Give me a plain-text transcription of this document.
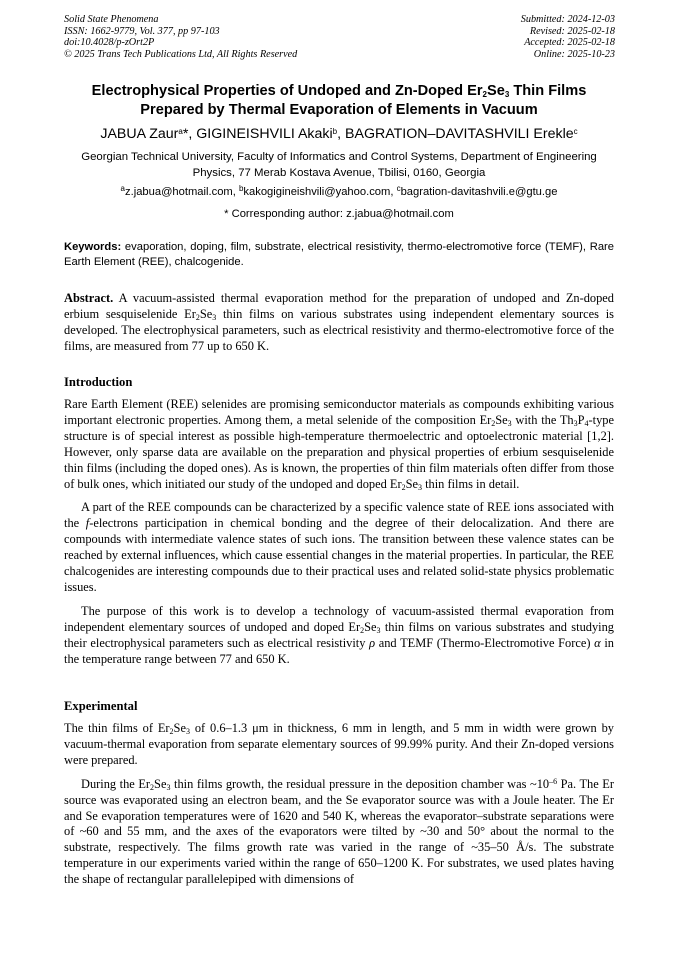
Solid State Phenomena
ISSN: 1662-9779, Vol. 377, pp 97-103
doi:10.4028/p-zOrt2P
© 2025 Trans Tech Publications Ltd, All Rights Reserved
Submitted: 2024-12-03
Revised: 2025-02-18
Accepted: 2025-02-18
Online: 2025-10-23
Electrophysical Properties of Undoped and Zn-Doped $Er_2Se_3$ Thin Films
Prepared by Thermal Evaporation of Elements in Vacuum
JABUA Zaur$^a$*, GIGINEISHVILI Akaki$^b$, BAGRATION–DAVITASHVILI Erekle$^c$
Georgian Technical University, Faculty of Informatics and Control Systems, Department of Engineering Physics, 77 Merab Kostava Avenue, Tbilisi, 0160, Georgia
$^a$z.jabua@hotmail.com, $^b$kakogigineishvili@yahoo.com, $^c$bagration-davitashvili.e@gtu.ge
* Corresponding author: z.jabua@hotmail.com
Keywords: evaporation, doping, film, substrate, electrical resistivity, thermo-electromotive force (TEMF), Rare Earth Element (REE), chalcogenide.
Abstract. A vacuum-assisted thermal evaporation method for the preparation of undoped and Zn-doped erbium sesquiselenide $Er_2Se_3$ thin films on various substrates using independent elementary sources is developed. The electrophysical parameters, such as electrical resistivity and thermo-electromotive force of the films, are measured from 77 up to 650 K.
Introduction

Rare Earth Element (REE) selenides are promising semiconductor materials as compounds exhibiting various important electronic properties. Among them, a metal selenide of the composition $Er_2Se_3$ with the $Th_3P_4$-type structure is of special interest as possible high-temperature thermoelectric and optoelectronic material [1,2]. However, only sparse data are available on the preparation and physical properties of erbium sesquiselenide thin films (including the doped ones). As is known, the properties of thin film materials often differ from those of bulk ones, which initiated our study of the undoped and doped $Er_2Se_3$ thin films in detail.

A part of the REE compounds can be characterized by a specific valence state of REE ions associated with the f-electrons participation in chemical bonding and the degree of their delocalization. And there are compounds with intermediate valence states of such ions. The transition between these valence states can be reached by external influences, which cause essential changes in the material properties. In particular, the REE chalcogenides are interesting compounds due to their practical uses and related solid-state physics problematic issues.

The purpose of this work is to develop a technology of vacuum-assisted thermal evaporation from independent elementary sources of undoped and doped $Er_2Se_3$ thin films on various substrates and studying their electrophysical parameters such as electrical resistivity ρ and TEMF (Thermo-Electromotive Force) α in the temperature range between 77 and 650 K.

Experimental

The thin films of $Er_2Se_3$ of 0.6–1.3 μm in thickness, 6 mm in length, and 5 mm in width were grown by vacuum-thermal evaporation from separate elementary sources of 99.99% purity. And their Zn-doped versions were prepared.

During the $Er_2Se_3$ thin films growth, the residual pressure in the deposition chamber was $\sim 10^{-6}$ Pa. The Er source was evaporated using an electron beam, and the Se evaporator source was with a Joule heater. The Er and Se evaporation temperatures were of 1620 and 540 K, whereas the evaporator–substrate separations were of ~60 and 55 mm, and the axes of the evaporators were tilted by ~30 and 50° about the normal to the substrate, respectively. The films growth rate was varied in the range of ~35–50 Å/s. The substrate temperature in our experiments varied within the range of 650–1200 K. For substrates, we used plates having the shape of rectangular parallelepiped with dimensions of
